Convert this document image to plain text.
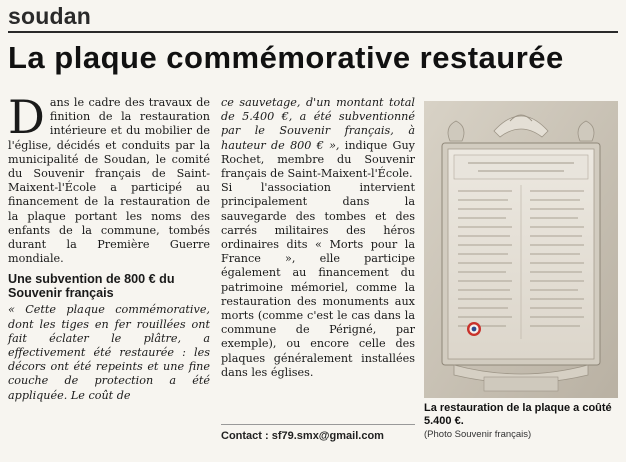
soudan
La plaque commémorative restaurée

Dans le cadre des travaux de finition de la restauration intérieure et du mobilier de l'église, décidés et conduits par la municipalité de Soudan, le comité du Souvenir français de Saint-Maixent-l'École a participé au financement de la restauration de la plaque portant les noms des enfants de la commune, tombés durant la Première Guerre mondiale.

Une subvention de 800 € du Souvenir français

« Cette plaque commémorative, dont les tiges en fer rouillées ont fait éclater le plâtre, a effectivement été restaurée : les décors ont été repeints et une fine couche de protection a été appliquée. Le coût de

ce sauvetage, d'un montant total de 5.400 €, a été subventionné par le Souvenir français, à hauteur de 800 € », indique Guy Rochet, membre du Souvenir français de Saint-Maixent-l'École.

Si l'association intervient principalement dans la sauvegarde des tombes et des carrés militaires des héros ordinaires dits « Morts pour la France », elle participe également au financement du patrimoine mémoriel, comme la restauration des monuments aux morts (comme c'est le cas dans la commune de Périgné, par exemple), ou encore celle des plaques généralement installées dans les églises.

Contact : sf79.smx@gmail.com
La restauration de la plaque a coûté 5.400 €.
(Photo Souvenir français)
